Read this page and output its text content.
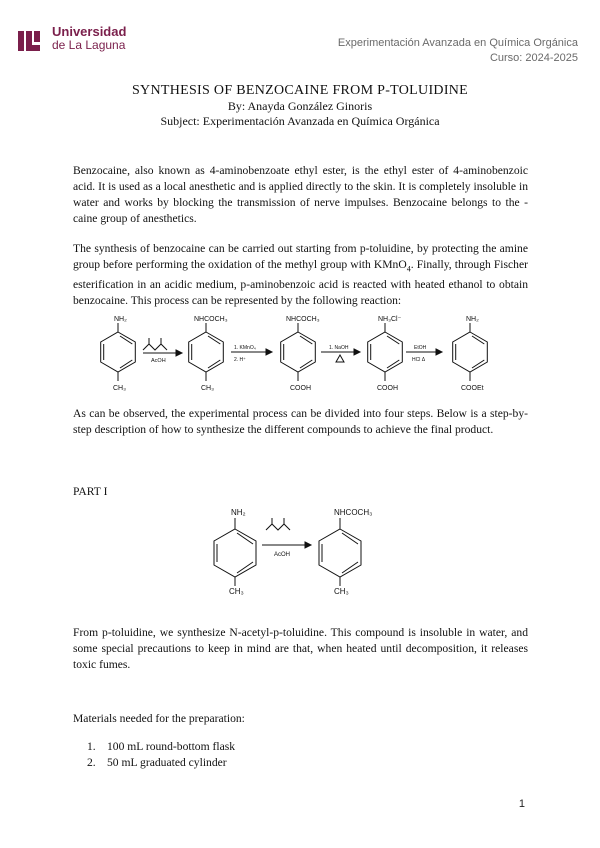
Universidad
de La Laguna	Experimentación Avanzada en Química Orgánica
Curso: 2024-2025
SYNTHESIS OF BENZOCAINE FROM P-TOLUIDINE
By: Anayda González Ginoris
Subject: Experimentación Avanzada en Química Orgánica

Benzocaine, also known as 4-aminobenzoate ethyl ester, is the ethyl ester of 4-aminobenzoic acid. It is used as a local anesthetic and is applied directly to the skin. It is completely insoluble in water and works by blocking the transmission of nerve impulses. Benzocaine belongs to the -caine group of anesthetics.

The synthesis of benzocaine can be carried out starting from p-toluidine, by protecting the amine group before performing the oxidation of the methyl group with KMnO$_4$. Finally, through Fischer esterification in an acidic medium, p-aminobenzoic acid is reacted with heated ethanol to obtain benzocaine. This process can be represented by the following reaction:

NH₂
CH₃
AcOH
NHCOCH₃
CH₃
1. KMnO₄
2. H⁺
NHCOCH₃
COOH
1. NaOH
NH₃Cl⁻
COOH
EtOH
HCl Δ
NH₂
COOEt
NH₂
CH₃
AcOH
NHCOCH₃
CH₃

As can be observed, the experimental process can be divided into four steps. Below is a step-by-step description of how to synthesize the different compounds to achieve the final product.

PART I

From p-toluidine, we synthesize N-acetyl-p-toluidine. This compound is insoluble in water, and some special precautions to keep in mind are that, when heated until decomposition, it releases toxic fumes.

Materials needed for the preparation:
1. 100 mL round-bottom flask
2. 50 mL graduated cylinder
1
